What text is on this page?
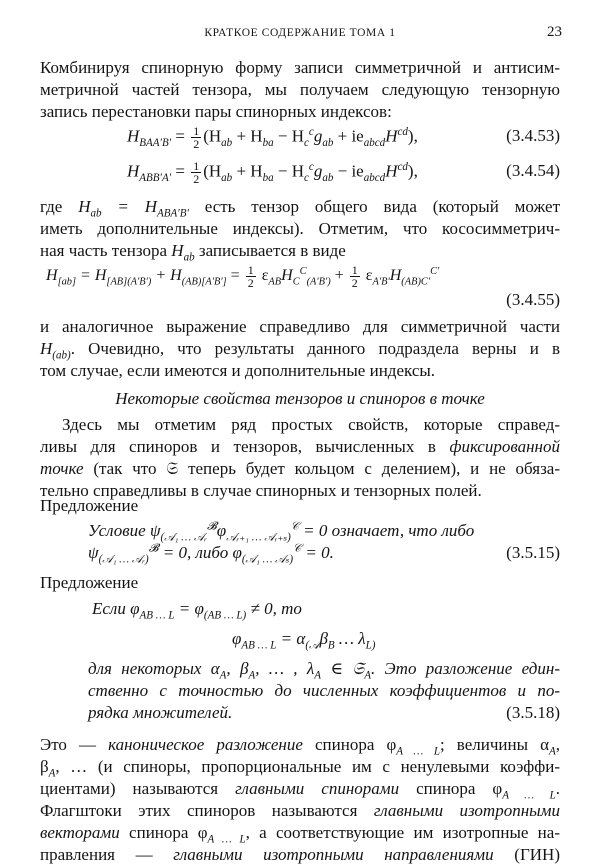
КРАТКОЕ СОДЕРЖАНИЕ ТОМА 1	23
Комбинируя спинорную форму записи симметричной и антисим-
метричной частей тензора, мы получаем следующую тензорную
запись перестановки пары спинорных индексов:
$H_{BAA'B'} = \frac{1}{2} (H_{ab} + H_{ba} - H_c^cg_{ab} + ie_{abcd}H^{cd})$,	(3.4.53)
$H_{ABB'A'} = \frac{1}{2} (H_{ab} + H_{ba} - H_c^cg_{ab} - ie_{abcd}H^{cd})$,	(3.4.54)
где $H_{ab} = H_{ABA'B'}$ есть тензор общего вида (который может
иметь дополнительные индексы). Отметим, что кососимметрич-
ная часть тензора $H_{ab}$ записывается в виде
$H_{[ab]} = H_{[AB](A'B')} + H_{(AB)[A'B']} = \frac{1}{2} \varepsilon_{AB}H_C^C_{(A'B')} + \frac{1}{2} \varepsilon_{A'B'}H_{(AB)C'}^{C'}$
(3.4.55)
и аналогичное выражение справедливо для симметричной части
$H_{(ab)}$. Очевидно, что результаты данного подраздела верны и в
том случае, если имеются и дополнительные индексы.
Некоторые свойства тензоров и спиноров в точке
Здесь мы отметим ряд простых свойств, которые справед-
ливы для спиноров и тензоров, вычисленных в фиксированной
точке (так что 𝔖 теперь будет кольцом с делением), и не обяза-
тельно справедливы в случае спинорных и тензорных полей.
Предложение
Условие $\psi_{(𝒜_1 \dots 𝒜ᵣ}^𝓑\varphi_{𝒜ᵣ_{+1} \dots 𝒜ᵣ_{+s})}^𝒞 = 0$ означает, что либо
$\psi_{(𝒜_1 \dots 𝒜ᵣ)}^𝓑 = 0$, либо $\varphi_{(𝒜_1 \dots 𝒜_s)}^𝒞 = 0$.	(3.5.15)
Предложение
Если $\varphi_{AB \dots L} = \varphi_{(AB \dots L)} \ne 0$, то
$\varphi_{AB \dots L} = \alpha_{(𝒜}\beta_B$ … $\lambda_{L)}$
для некоторых $\alpha_A$, $\beta_A$, … , $\lambda_A$ ∈ 𝔖$_A$. Это разложение един-
ственно с точностью до численных коэффициентов и по-
рядка множителей.	(3.5.18)
Это — каноническое разложение спинора $\varphi_{A \dots L}$; величины $\alpha_A$,
$\beta_A$, … (и спиноры, пропорциональные им с ненулевыми коэффи-
циентами) называются главными спинорами спинора $\varphi_{A \dots L}$.
Флагштоки этих спиноров называются главными изотропными
векторами спинора $\varphi_{A \dots L}$, а соответствующие им изотропные на-
правления — главными изотропными направлениями (ГИН)
